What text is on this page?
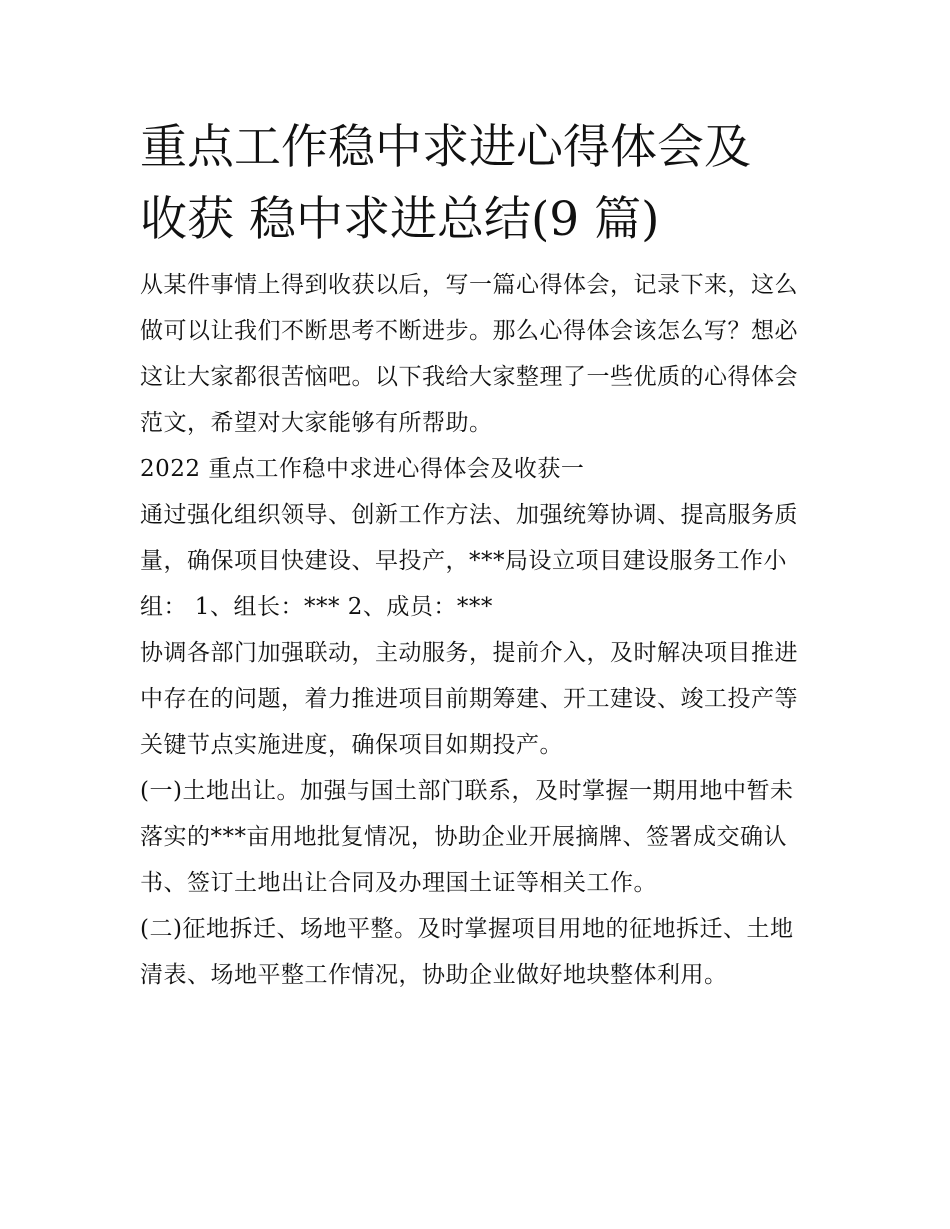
重点工作稳中求进心得体会及
收获 稳中求进总结(9 篇)

从某件事情上得到收获以后，写一篇心得体会，记录下来，这么做可以让我们不断思考不断进步。那么心得体会该怎么写？想必这让大家都很苦恼吧。以下我给大家整理了一些优质的心得体会范文，希望对大家能够有所帮助。

2022 重点工作稳中求进心得体会及收获一

通过强化组织领导、创新工作方法、加强统筹协调、提高服务质量，确保项目快建设、早投产，***局设立项目建设服务工作小组： 1、组长：*** 2、成员：***

协调各部门加强联动，主动服务，提前介入，及时解决项目推进中存在的问题，着力推进项目前期筹建、开工建设、竣工投产等关键节点实施进度，确保项目如期投产。

(一)土地出让。加强与国土部门联系，及时掌握一期用地中暂未落实的***亩用地批复情况，协助企业开展摘牌、签署成交确认书、签订土地出让合同及办理国土证等相关工作。

(二)征地拆迁、场地平整。及时掌握项目用地的征地拆迁、土地清表、场地平整工作情况，协助企业做好地块整体利用。
